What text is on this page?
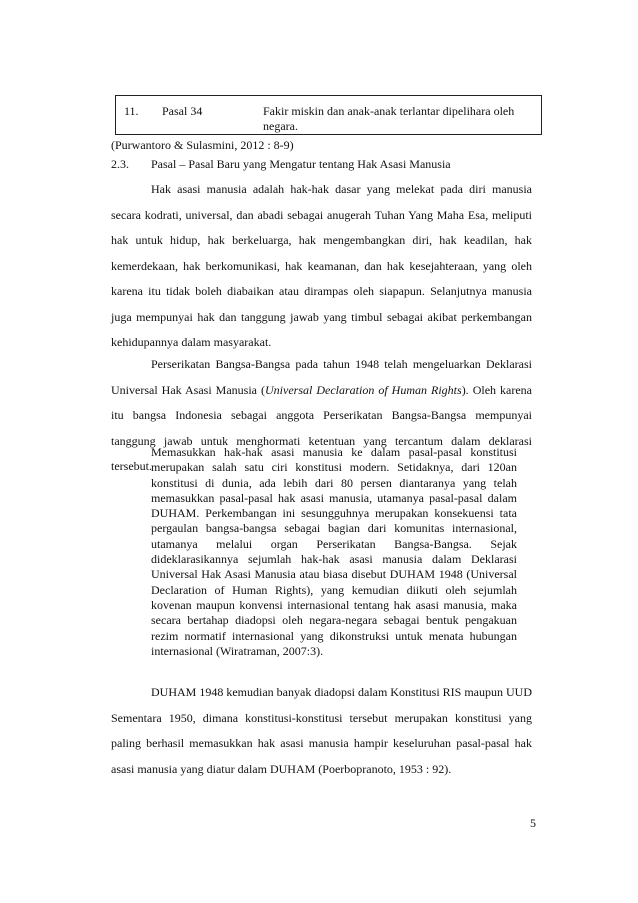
11. Pasal 34	Fakir miskin dan anak-anak terlantar dipelihara oleh negara.
(Purwantoro & Sulasmini, 2012 : 8-9)
2.3. Pasal – Pasal Baru yang Mengatur tentang Hak Asasi Manusia
Hak asasi manusia adalah hak-hak dasar yang melekat pada diri manusia secara kodrati, universal, dan abadi sebagai anugerah Tuhan Yang Maha Esa, meliputi hak untuk hidup, hak berkeluarga, hak mengembangkan diri, hak keadilan, hak kemerdekaan, hak berkomunikasi, hak keamanan, dan hak kesejahteraan, yang oleh karena itu tidak boleh diabaikan atau dirampas oleh siapapun. Selanjutnya manusia juga mempunyai hak dan tanggung jawab yang timbul sebagai akibat perkembangan kehidupannya dalam masyarakat.
Perserikatan Bangsa-Bangsa pada tahun 1948 telah mengeluarkan Deklarasi Universal Hak Asasi Manusia (Universal Declaration of Human Rights). Oleh karena itu bangsa Indonesia sebagai anggota Perserikatan Bangsa-Bangsa mempunyai tanggung jawab untuk menghormati ketentuan yang tercantum dalam deklarasi tersebut.
Memasukkan hak-hak asasi manusia ke dalam pasal-pasal konstitusi merupakan salah satu ciri konstitusi modern. Setidaknya, dari 120an konstitusi di dunia, ada lebih dari 80 persen diantaranya yang telah memasukkan pasal-pasal hak asasi manusia, utamanya pasal-pasal dalam DUHAM. Perkembangan ini sesungguhnya merupakan konsekuensi tata pergaulan bangsa-bangsa sebagai bagian dari komunitas internasional, utamanya melalui organ Perserikatan Bangsa-Bangsa. Sejak dideklarasikannya sejumlah hak-hak asasi manusia dalam Deklarasi Universal Hak Asasi Manusia atau biasa disebut DUHAM 1948 (Universal Declaration of Human Rights), yang kemudian diikuti oleh sejumlah kovenan maupun konvensi internasional tentang hak asasi manusia, maka secara bertahap diadopsi oleh negara-negara sebagai bentuk pengakuan rezim normatif internasional yang dikonstruksi untuk menata hubungan internasional (Wiratraman, 2007:3).
DUHAM 1948 kemudian banyak diadopsi dalam Konstitusi RIS maupun UUD Sementara 1950, dimana konstitusi-konstitusi tersebut merupakan konstitusi yang paling berhasil memasukkan hak asasi manusia hampir keseluruhan pasal-pasal hak asasi manusia yang diatur dalam DUHAM (Poerbopranoto, 1953 : 92).
5
